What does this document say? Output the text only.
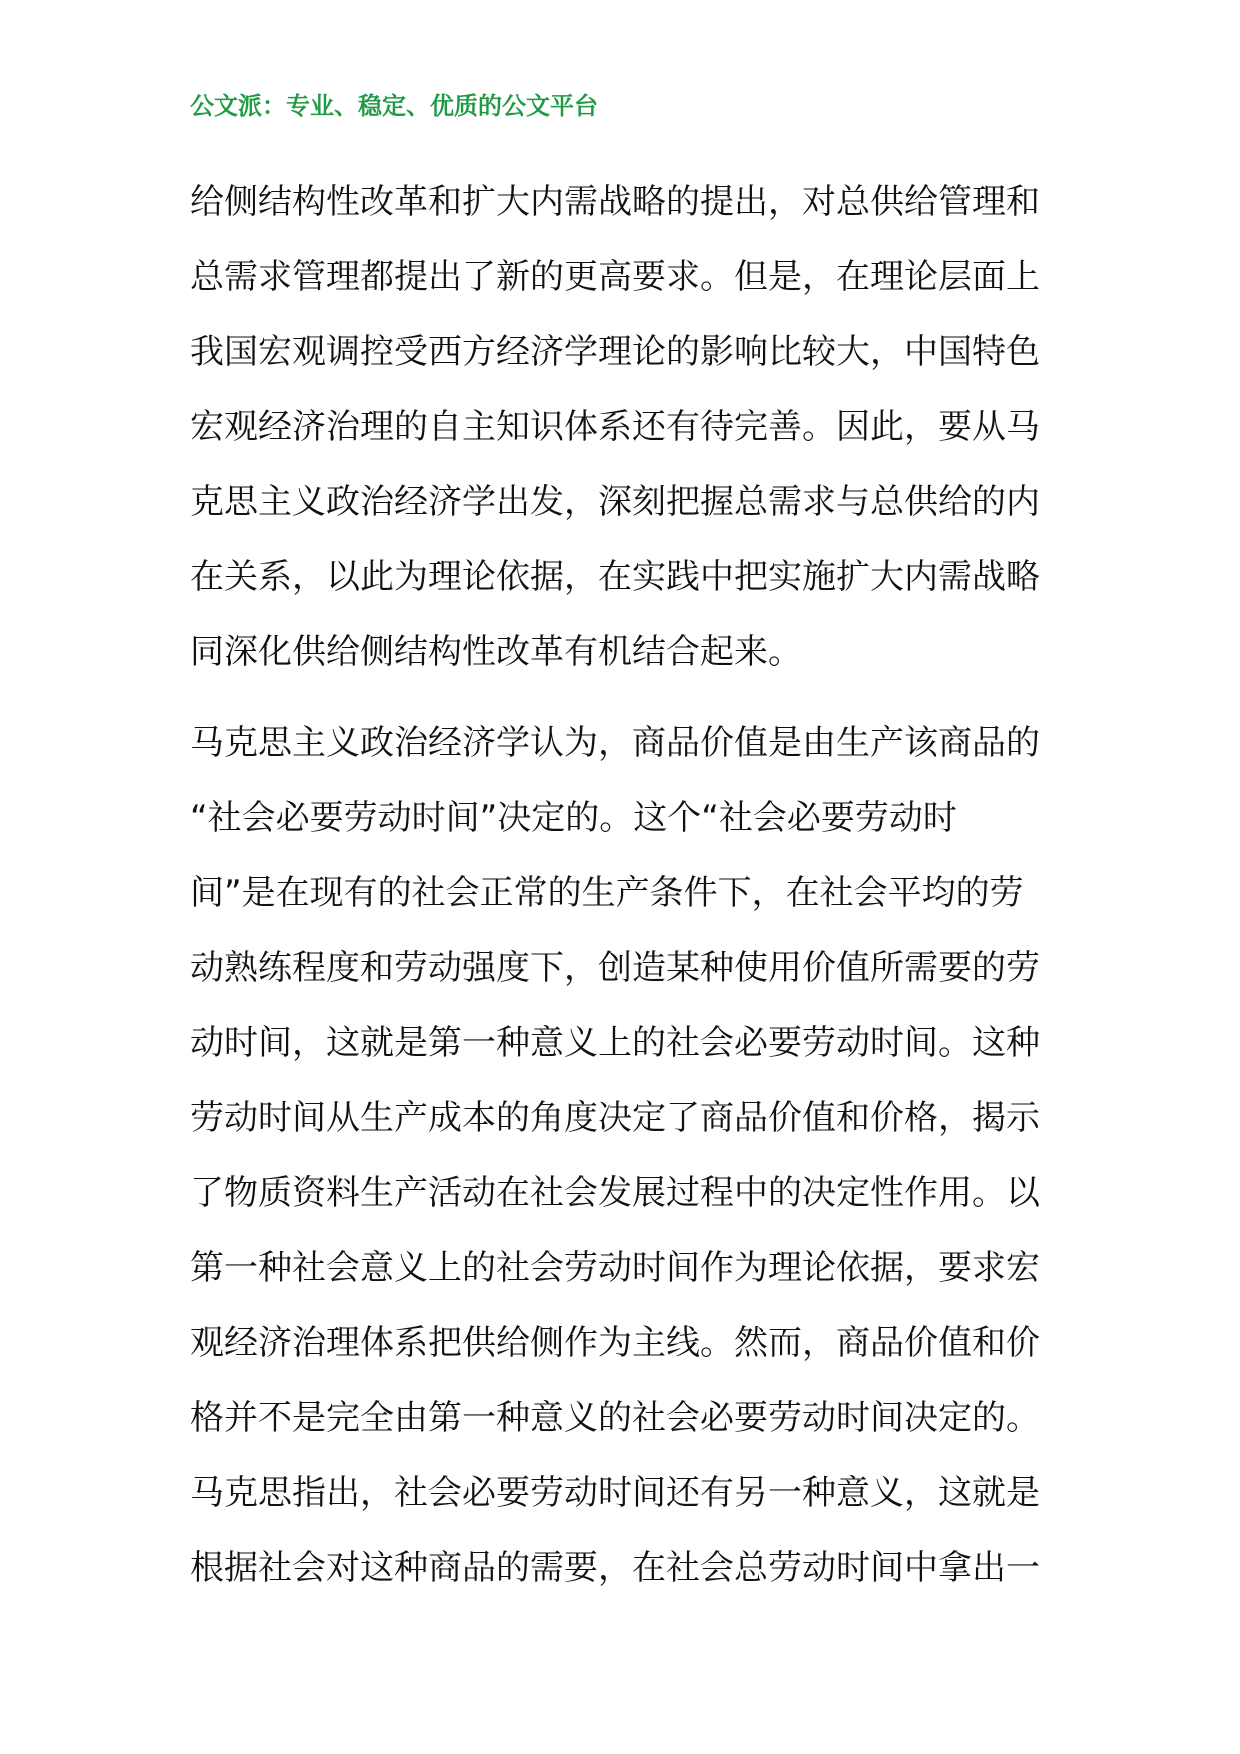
公文派：专业、稳定、优质的公文平台
给侧结构性改革和扩大内需战略的提出，对总供给管理和
总需求管理都提出了新的更高要求。但是，在理论层面上
我国宏观调控受西方经济学理论的影响比较大，中国特色
宏观经济治理的自主知识体系还有待完善。因此，要从马
克思主义政治经济学出发，深刻把握总需求与总供给的内
在关系，以此为理论依据，在实践中把实施扩大内需战略
同深化供给侧结构性改革有机结合起来。
马克思主义政治经济学认为，商品价值是由生产该商品的
“社会必要劳动时间”决定的。这个“社会必要劳动时
间”是在现有的社会正常的生产条件下，在社会平均的劳
动熟练程度和劳动强度下，创造某种使用价值所需要的劳
动时间，这就是第一种意义上的社会必要劳动时间。这种
劳动时间从生产成本的角度决定了商品价值和价格，揭示
了物质资料生产活动在社会发展过程中的决定性作用。以
第一种社会意义上的社会劳动时间作为理论依据，要求宏
观经济治理体系把供给侧作为主线。然而，商品价值和价
格并不是完全由第一种意义的社会必要劳动时间决定的。
马克思指出，社会必要劳动时间还有另一种意义，这就是
根据社会对这种商品的需要，在社会总劳动时间中拿出一
